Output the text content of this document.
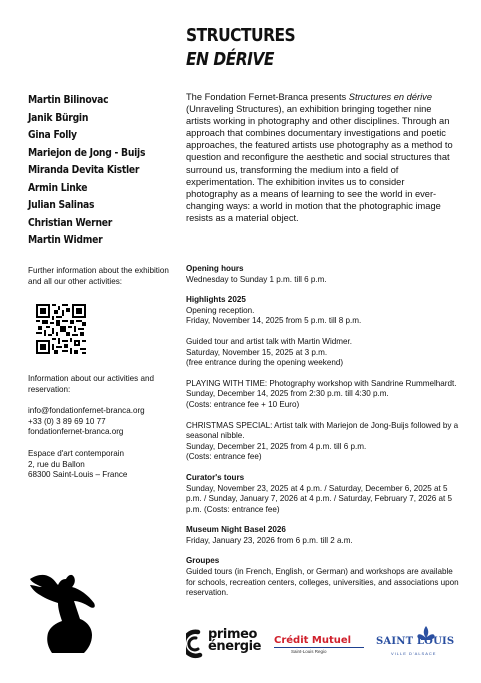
STRUCTURES
EN DÉRIVE
Martin Bilinovac
Janik Bürgin
Gina Folly
Mariejon de Jong - Buijs
Miranda Devita Kistler
Armin Linke
Julian Salinas
Christian Werner
Martin Widmer
The Fondation Fernet-Branca presents Structures en dérive (Unraveling Structures), an exhibition bringing together nine artists working in photography and other disciplines. Through an approach that combines documentary investigations and poetic approaches, the featured artists use photography as a method to question and reconfigure the aesthetic and social structures that surround us, transforming the medium into a field of experimentation. The exhibition invites us to consider photography as a means of learning to see the world in ever-changing ways: a world in motion that the photographic image resists as a material object.
Further information about the exhibition and all our other activities:
Information about our activities and reservation:
info@fondationfernet-branca.org
+33 (0) 3 89 69 10 77
fondationfernet-branca.org
Espace d'art contemporain
2, rue du Ballon
68300 Saint-Louis – France
Opening hours
Wednesday to Sunday 1 p.m. till 6 p.m.
Highlights 2025
Opening reception.
Friday, November 14, 2025 from 5 p.m. till 8 p.m.
Guided tour and artist talk with Martin Widmer.
Saturday, November 15, 2025 at 3 p.m.
(free entrance during the opening weekend)
PLAYING WITH TIME: Photography workshop with Sandrine Rummelhardt.
Sunday, December 14, 2025 from 2:30 p.m. till 4:30 p.m.
(Costs: entrance fee + 10 Euro)
CHRISTMAS SPECIAL: Artist talk with Mariejon de Jong-Buijs followed by a seasonal nibble.
Sunday, December 21, 2025 from 4 p.m. till 6 p.m.
(Costs: entrance fee)
Curator's tours
Sunday, November 23, 2025 at 4 p.m. / Saturday, December 6, 2025 at 5 p.m. / Sunday, January 7, 2026 at 4 p.m. / Saturday, February 7, 2026 at 5 p.m. (Costs: entrance fee)
Museum Night Basel 2026
Friday, January 23, 2026 from 6 p.m. till 2 a.m.
Groupes
Guided tours (in French, English, or German) and workshops are available for schools, recreation centers, colleges, universities, and associations upon reservation.
primeo
énergie Crédit Mutuel
Saint-Louis Regio
SAINT LOUIS
VILLE D'ALSACE
